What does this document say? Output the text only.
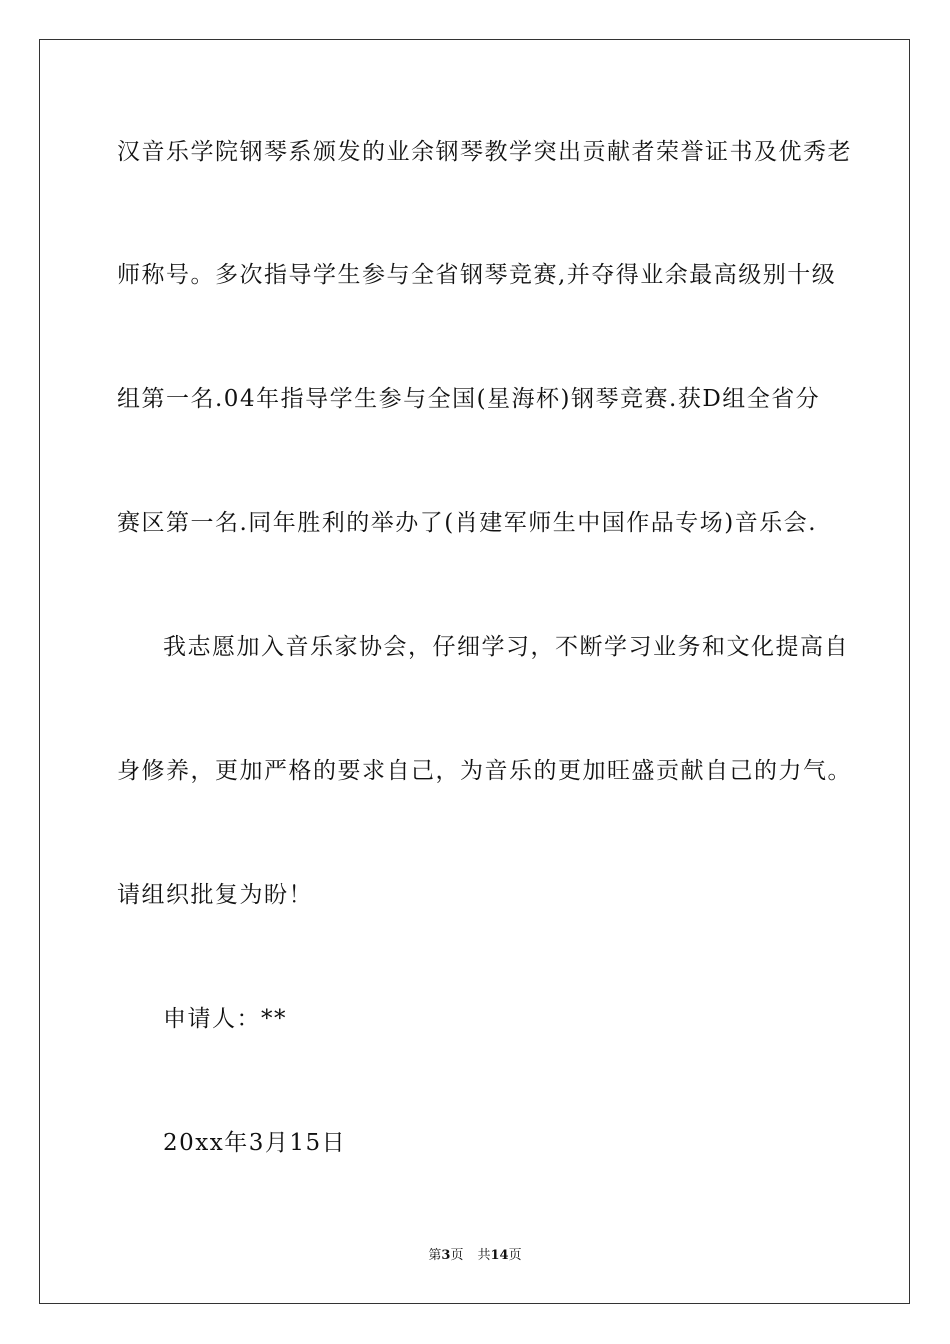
汉音乐学院钢琴系颁发的业余钢琴教学突出贡献者荣誉证书及优秀老
师称号。多次指导学生参与全省钢琴竞赛,并夺得业余最高级别十级
组第一名.04年指导学生参与全国(星海杯)钢琴竞赛.获D组全省分
赛区第一名.同年胜利的举办了(肖建军师生中国作品专场)音乐会.
我志愿加入音乐家协会，仔细学习，不断学习业务和文化提高自
身修养，更加严格的要求自己，为音乐的更加旺盛贡献自己的力气。
请组织批复为盼！
申请人：**
20xx年3月15日
第3页 共14页
